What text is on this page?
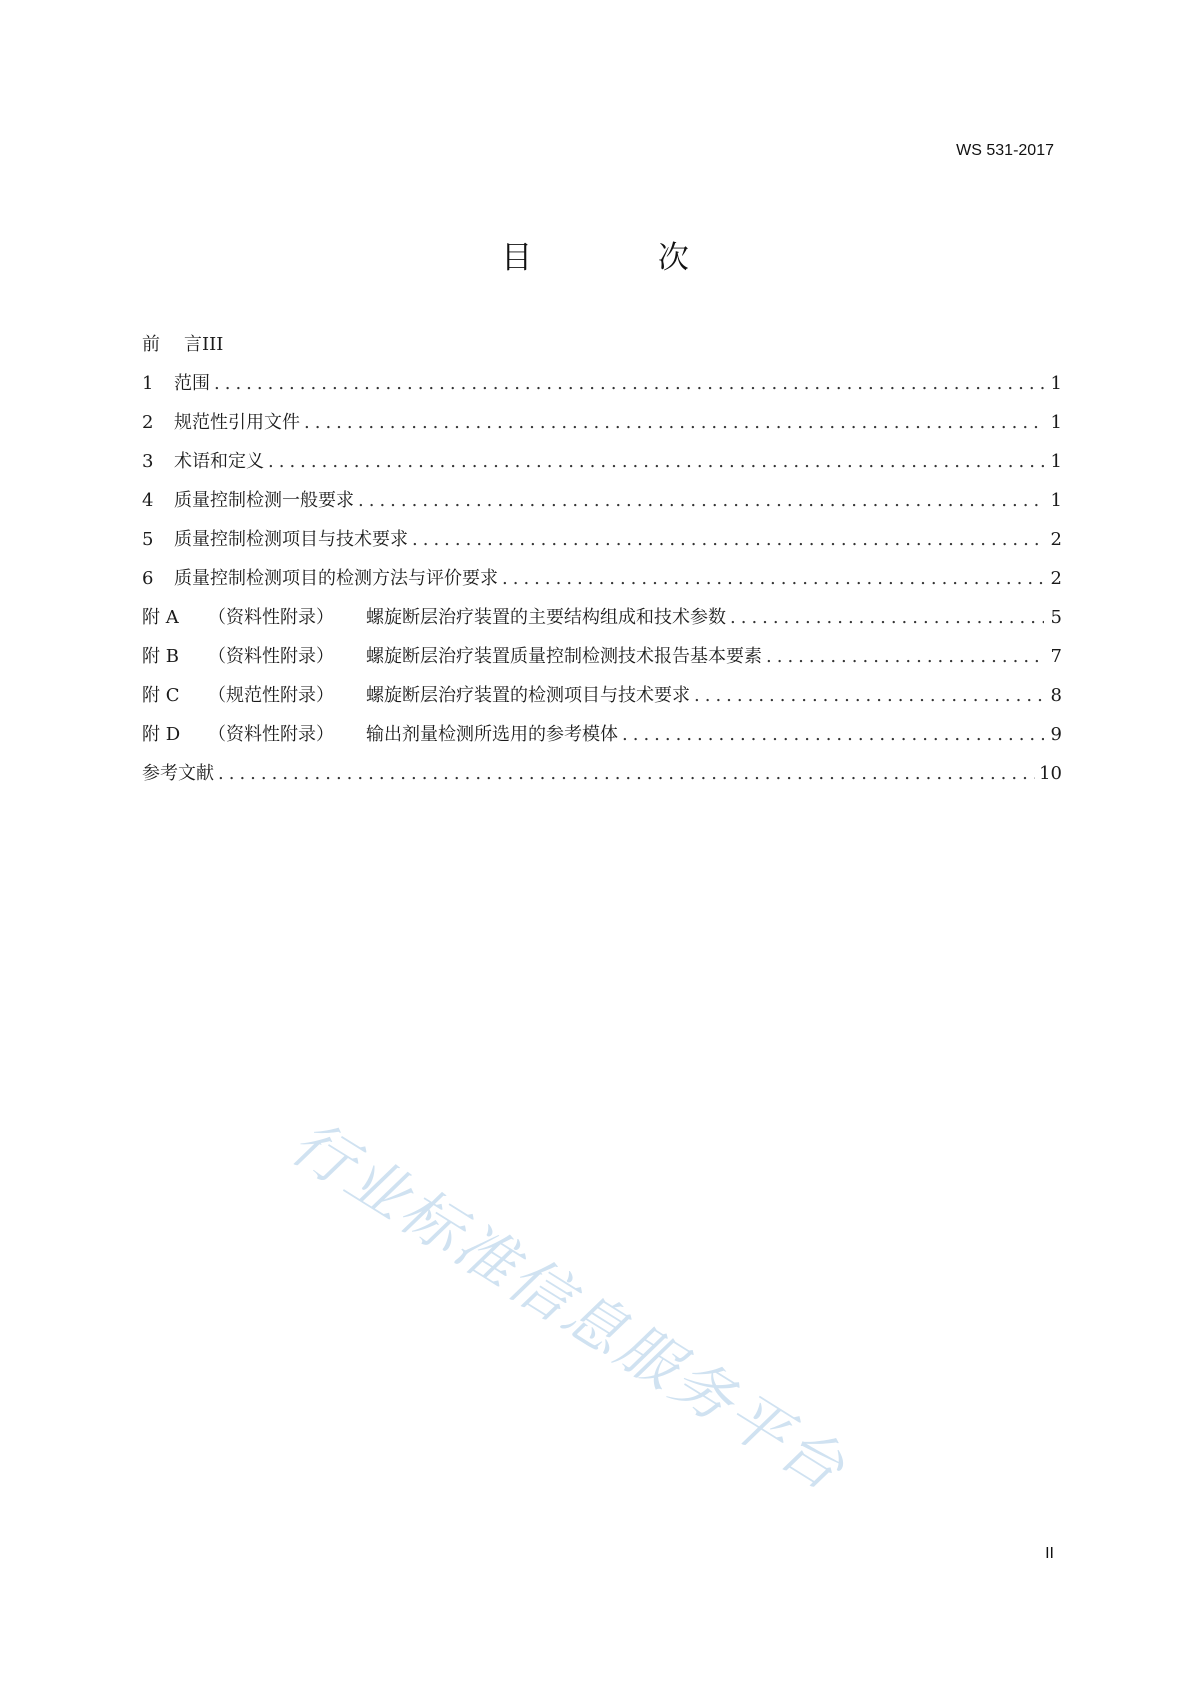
WS 531-2017
目 次
前 言 III
1	范围 .....	1
2	规范性引用文件 .....	1
3	术语和定义 .....	1
4	质量控制检测一般要求 .....	1
5	质量控制检测项目与技术要求 .....	2
6	质量控制检测项目的检测方法与评价要求 .....	2
附 A	（资料性附录）	螺旋断层治疗装置的主要结构组成和技术参数 .....	5
附 B	（资料性附录）	螺旋断层治疗装置质量控制检测技术报告基本要素 .....	7
附 C	（规范性附录）	螺旋断层治疗装置的检测项目与技术要求 .....	8
附 D	（资料性附录）	输出剂量检测所选用的参考模体 .....	9
参考文献 .....	10
行业标准信息服务平台
II
